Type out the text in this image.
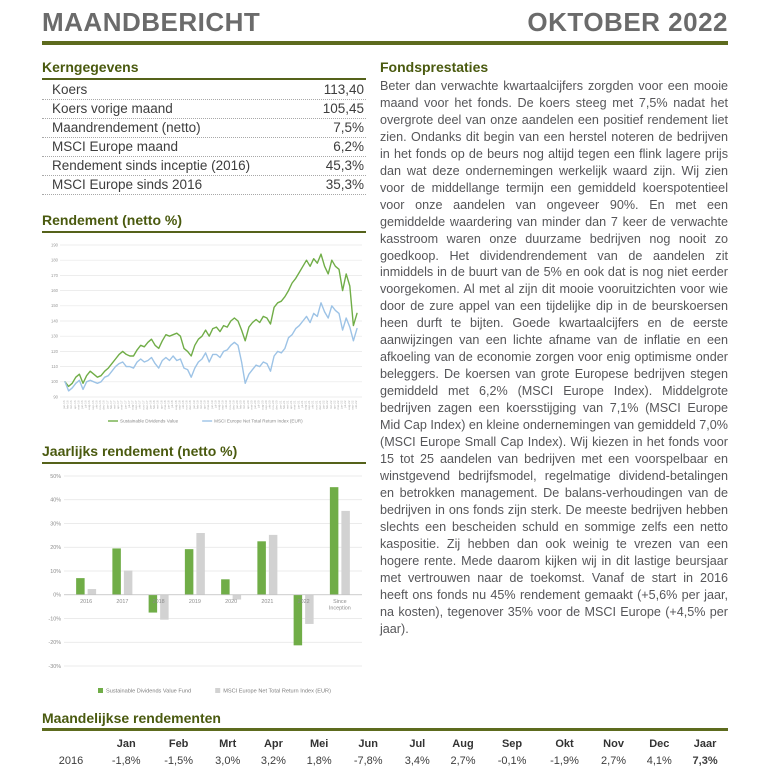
MAANDBERICHT	OKTOBER 2022
Kerngegevens
Koers	113,40
Koers vorige maand	105,45
Maandrendement (netto)	7,5%
MSCI Europe maand	6,2%
Rendement sinds inceptie (2016)	45,3%
MSCI Europe sinds 2016	35,3%
Rendement (netto %)
90
100
110
120
130
140
150
160
170
180
190
jan-16 feb-16 mrt-16 apr-16 mei-16 jun-16 jul-16 aug-16 sep-16 okt-16 nov-16 dec-16 jan-17 feb-17 mrt-17 apr-17 mei-17 jun-17 jul-17 aug-17 sep-17 okt-17 nov-17 dec-17 jan-18 feb-18 mrt-18 apr-18 mei-18 jun-18 jul-18 aug-18 sep-18 okt-18 nov-18 dec-18 jan-19 feb-19 mrt-19 apr-19 mei-19 jun-19 jul-19 aug-19 sep-19 okt-19 nov-19 dec-19 jan-20 feb-20 mrt-20 apr-20 mei-20 jun-20 jul-20 aug-20 sep-20 okt-20 nov-20 dec-20 jan-21 feb-21 mrt-21 apr-21 mei-21 jun-21 jul-21 aug-21 sep-21 okt-21 nov-21 dec-21 jan-22 feb-22 mrt-22 apr-22 mei-22 jun-22 jul-22 aug-22 sep-22 okt-22
Sustainable Dividends Value	MSCI Europe Net Total Return Index (EUR)
Jaarlijks rendement (netto %)
-30%
-20%
-10%
0%
10%
20%
30%
40%
50%
2016	2017	2018	2019	2020	2021	2022	Since
Inception
Sustainable Dividends Value Fund	MSCI Europe Net Total Return Index (EUR)
Fondsprestaties
Beter dan verwachte kwartaalcijfers zorgden voor een mooie maand voor het fonds. De koers steeg met 7,5% nadat het overgrote deel van onze aandelen een positief rendement liet zien. Ondanks dit begin van een herstel noteren de bedrijven in het fonds op de beurs nog altijd tegen een flink lagere prijs dan wat deze ondernemingen werkelijk waard zijn. Wij zien voor de middellange termijn een gemiddeld koerspotentieel voor onze aandelen van ongeveer 90%. En met een gemiddelde waardering van minder dan 7 keer de verwachte kasstroom waren onze duurzame bedrijven nog nooit zo goedkoop. Het dividendrendement van de aandelen zit inmiddels in de buurt van de 5% en ook dat is nog niet eerder voorgekomen. Al met al zijn dit mooie vooruitzichten voor wie door de zure appel van een tijdelijke dip in de beurskoersen heen durft te bijten. Goede kwartaalcijfers en de eerste aanwijzingen van een lichte afname van de inflatie en een afkoeling van de economie zorgen voor enig optimisme onder beleggers. De koersen van grote Europese bedrijven stegen gemiddeld met 6,2% (MSCI Europe Index). Middelgrote bedrijven zagen een koersstijging van 7,1% (MSCI Europe Mid Cap Index) en kleine ondernemingen van gemiddeld 7,0% (MSCI Europe Small Cap Index). Wij kiezen in het fonds voor 15 tot 25 aandelen van bedrijven met een voorspelbaar en winstgevend bedrijfsmodel, regelmatige dividend-betalingen en betrokken management. De balans-verhoudingen van de bedrijven in ons fonds zijn sterk. De meeste bedrijven hebben slechts een bescheiden schuld en sommige zelfs een netto kaspositie. Zij hebben dan ook weinig te vrezen van een hogere rente. Mede daarom kijken wij in dit lastige beursjaar met vertrouwen naar de toekomst. Vanaf de start in 2016 heeft ons fonds nu 45% rendement gemaakt (+5,6% per jaar, na kosten), tegenover 35% voor de MSCI Europe (+4,5% per jaar).
Maandelijkse rendementen
	Jan	Feb	Mrt	Apr	Mei	Jun	Jul	Aug	Sep	Okt	Nov	Dec	Jaar
2016	-1,8%	-1,5%	3,0%	3,2%	1,8%	-7,8%	3,4%	2,7%	-0,1%	-1,9%	2,7%	4,1%	7,3%
